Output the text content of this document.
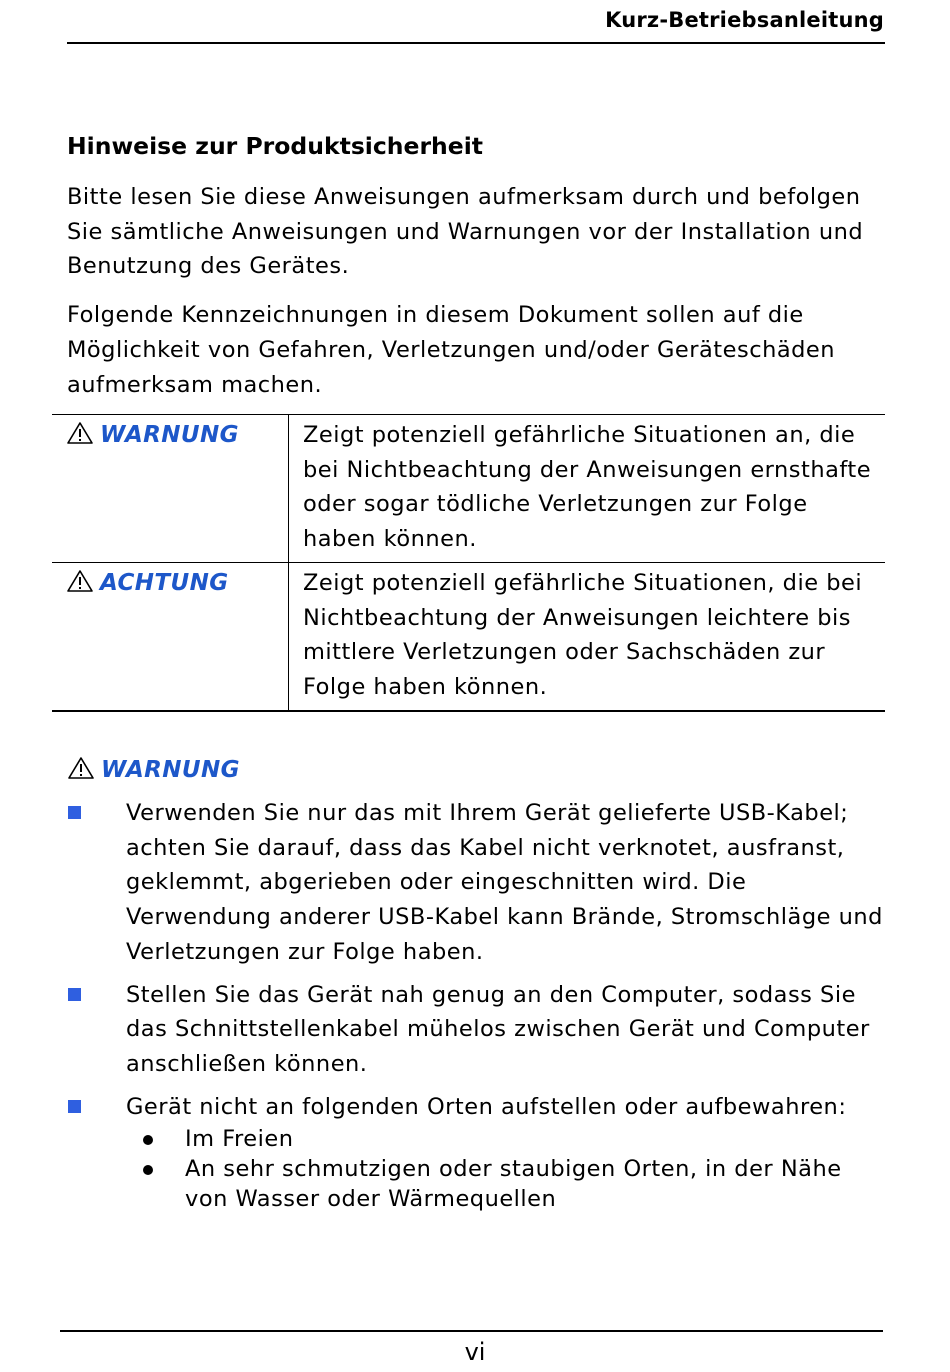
Kurz-Betriebsanleitung
Hinweise zur Produktsicherheit

Bitte lesen Sie diese Anweisungen aufmerksam durch und befolgen Sie sämtliche Anweisungen und Warnungen vor der Installation und Benutzung des Gerätes.

Folgende Kennzeichnungen in diesem Dokument sollen auf die Möglichkeit von Gefahren, Verletzungen und/oder Geräteschäden aufmerksam machen.

WARNUNG	Zeigt potenziell gefährliche Situationen an, die bei Nichtbeachtung der Anweisungen ernsthafte oder sogar tödliche Verletzungen zur Folge haben können.
ACHTUNG	Zeigt potenziell gefährliche Situationen, die bei Nichtbeachtung der Anweisungen leichtere bis mittlere Verletzungen oder Sachschäden zur Folge haben können.
WARNUNG
Verwenden Sie nur das mit Ihrem Gerät gelieferte USB-Kabel; achten Sie darauf, dass das Kabel nicht verknotet, ausfranst, geklemmt, abgerieben oder eingeschnitten wird. Die Verwendung anderer USB-Kabel kann Brände, Stromschläge und Verletzungen zur Folge haben.
Stellen Sie das Gerät nah genug an den Computer, sodass Sie das Schnittstellenkabel mühelos zwischen Gerät und Computer anschließen können.
Gerät nicht an folgenden Orten aufstellen oder aufbewahren:
Im Freien
An sehr schmutzigen oder staubigen Orten, in der Nähe von Wasser oder Wärmequellen
vi
